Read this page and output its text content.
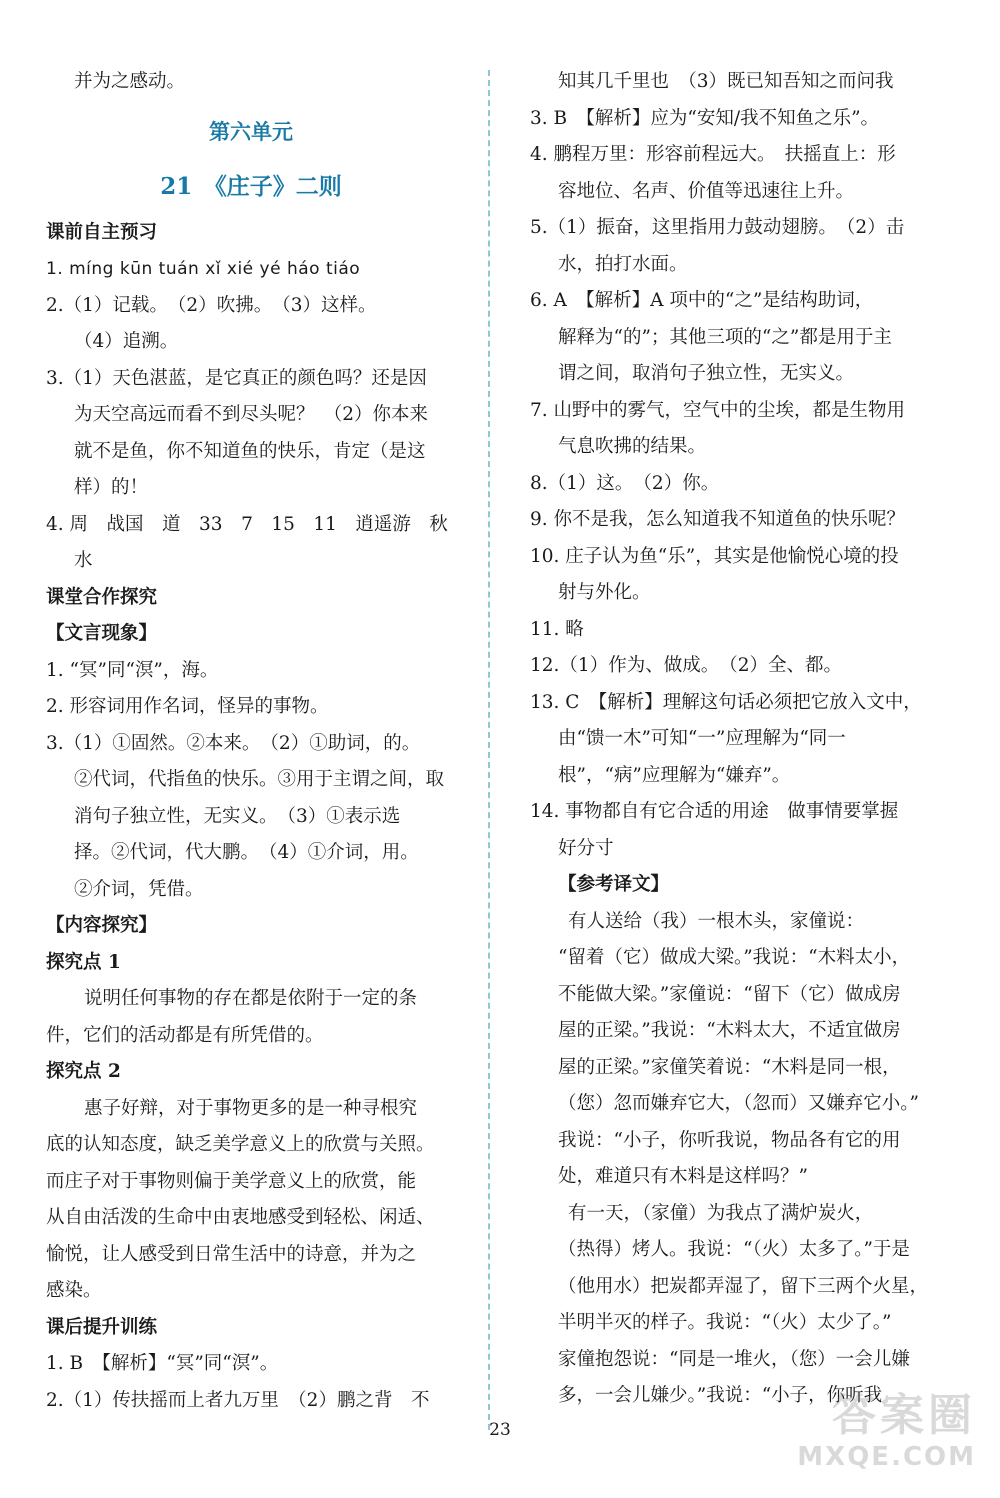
并为之感动。
第六单元
21　《庄子》二则
课前自主预习
1. míng kūn tuán xǐ xié yé háo tiáo
2.（1）记载。　（2）吹拂。　（3）这样。
（4）追溯。
3.（1）天色湛蓝，是它真正的颜色吗？还是因
为天空高远而看不到尽头呢？　（2）你本来
就不是鱼，你不知道鱼的快乐，肯定（是这
样）的！
4. 周　战国　道　33　7　15　11　逍遥游　秋
水
课堂合作探究
【文言现象】
1. “冥”同“溟”，海。
2. 形容词用作名词，怪异的事物。
3.（1）①固然。②本来。　（2）①助词，的。
②代词，代指鱼的快乐。③用于主谓之间，取
消句子独立性，无实义。　（3）①表示选
择。②代词，代大鹏。　（4）①介词，用。
②介词，凭借。
【内容探究】
探究点 1
说明任何事物的存在都是依附于一定的条
件，它们的活动都是有所凭借的。
探究点 2
惠子好辩，对于事物更多的是一种寻根究
底的认知态度，缺乏美学意义上的欣赏与关照。
而庄子对于事物则偏于美学意义上的欣赏，能
从自由活泼的生命中由衷地感受到轻松、闲适、
愉悦，让人感受到日常生活中的诗意，并为之
感染。
课后提升训练
1. B　【解析】“冥”同“溟”。
2.（1）传扶摇而上者九万里　（2）鹏之背　不
知其几千里也　（3）既已知吾知之而问我
3. B　【解析】应为“安知/我不知鱼之乐”。
4. 鹏程万里：形容前程远大。　扶摇直上：形
容地位、名声、价值等迅速往上升。
5.（1）振奋，这里指用力鼓动翅膀。　（2）击
水，拍打水面。
6. A　【解析】A 项中的“之”是结构助词，
解释为“的”；其他三项的“之”都是用于主
谓之间，取消句子独立性，无实义。
7. 山野中的雾气，空气中的尘埃，都是生物用
气息吹拂的结果。
8.（1）这。　（2）你。
9. 你不是我，怎么知道我不知道鱼的快乐呢？
10. 庄子认为鱼“乐”，其实是他愉悦心境的投
射与外化。
11. 略
12.（1）作为、做成。　（2）全、都。
13. C　【解析】理解这句话必须把它放入文中，
由“馈一木”可知“一”应理解为“同一
根”，“病”应理解为“嫌弃”。
14. 事物都自有它合适的用途　做事情要掌握
好分寸
【参考译文】
有人送给（我）一根木头，家僮说：
“留着（它）做成大梁。”我说：“木料太小，
不能做大梁。”家僮说：“留下（它）做成房
屋的正梁。”我说：“木料太大，不适宜做房
屋的正梁。”家僮笑着说：“木料是同一根，
（您）忽而嫌弃它大，（忽而）又嫌弃它小。”
我说：“小子，你听我说，物品各有它的用
处，难道只有木料是这样吗？”
有一天，（家僮）为我点了满炉炭火，
（热得）烤人。我说：“（火）太多了。”于是
（他用水）把炭都弄湿了，留下三两个火星，
半明半灭的样子。我说：“（火）太少了。”
家僮抱怨说：“同是一堆火，（您）一会儿嫌
多，一会儿嫌少。”我说：“小子，你听我
23	答案圈
MXQE.COM
